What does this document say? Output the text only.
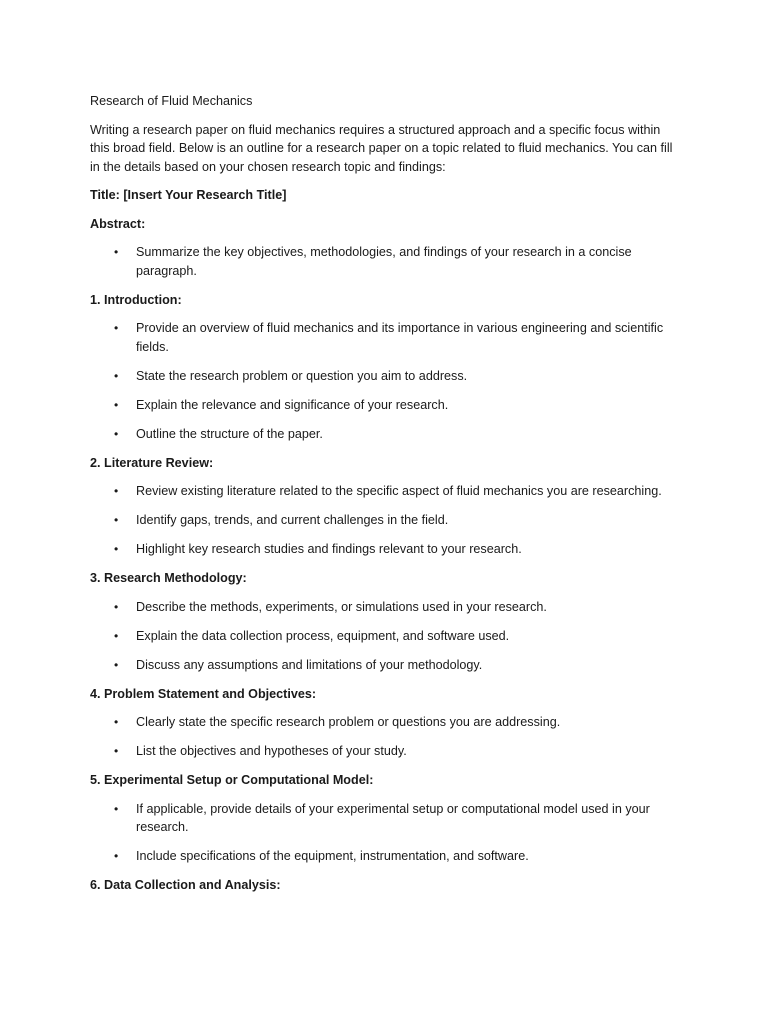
Research of Fluid Mechanics

Writing a research paper on fluid mechanics requires a structured approach and a specific focus within this broad field. Below is an outline for a research paper on a topic related to fluid mechanics. You can fill in the details based on your chosen research topic and findings:

Title: [Insert Your Research Title]

Abstract:

• Summarize the key objectives, methodologies, and findings of your research in a concise paragraph.

1. Introduction:

• Provide an overview of fluid mechanics and its importance in various engineering and scientific fields.
• State the research problem or question you aim to address.
• Explain the relevance and significance of your research.
• Outline the structure of the paper.

2. Literature Review:

• Review existing literature related to the specific aspect of fluid mechanics you are researching.
• Identify gaps, trends, and current challenges in the field.
• Highlight key research studies and findings relevant to your research.

3. Research Methodology:

• Describe the methods, experiments, or simulations used in your research.
• Explain the data collection process, equipment, and software used.
• Discuss any assumptions and limitations of your methodology.

4. Problem Statement and Objectives:

• Clearly state the specific research problem or questions you are addressing.
• List the objectives and hypotheses of your study.

5. Experimental Setup or Computational Model:

• If applicable, provide details of your experimental setup or computational model used in your research.
• Include specifications of the equipment, instrumentation, and software.

6. Data Collection and Analysis:
